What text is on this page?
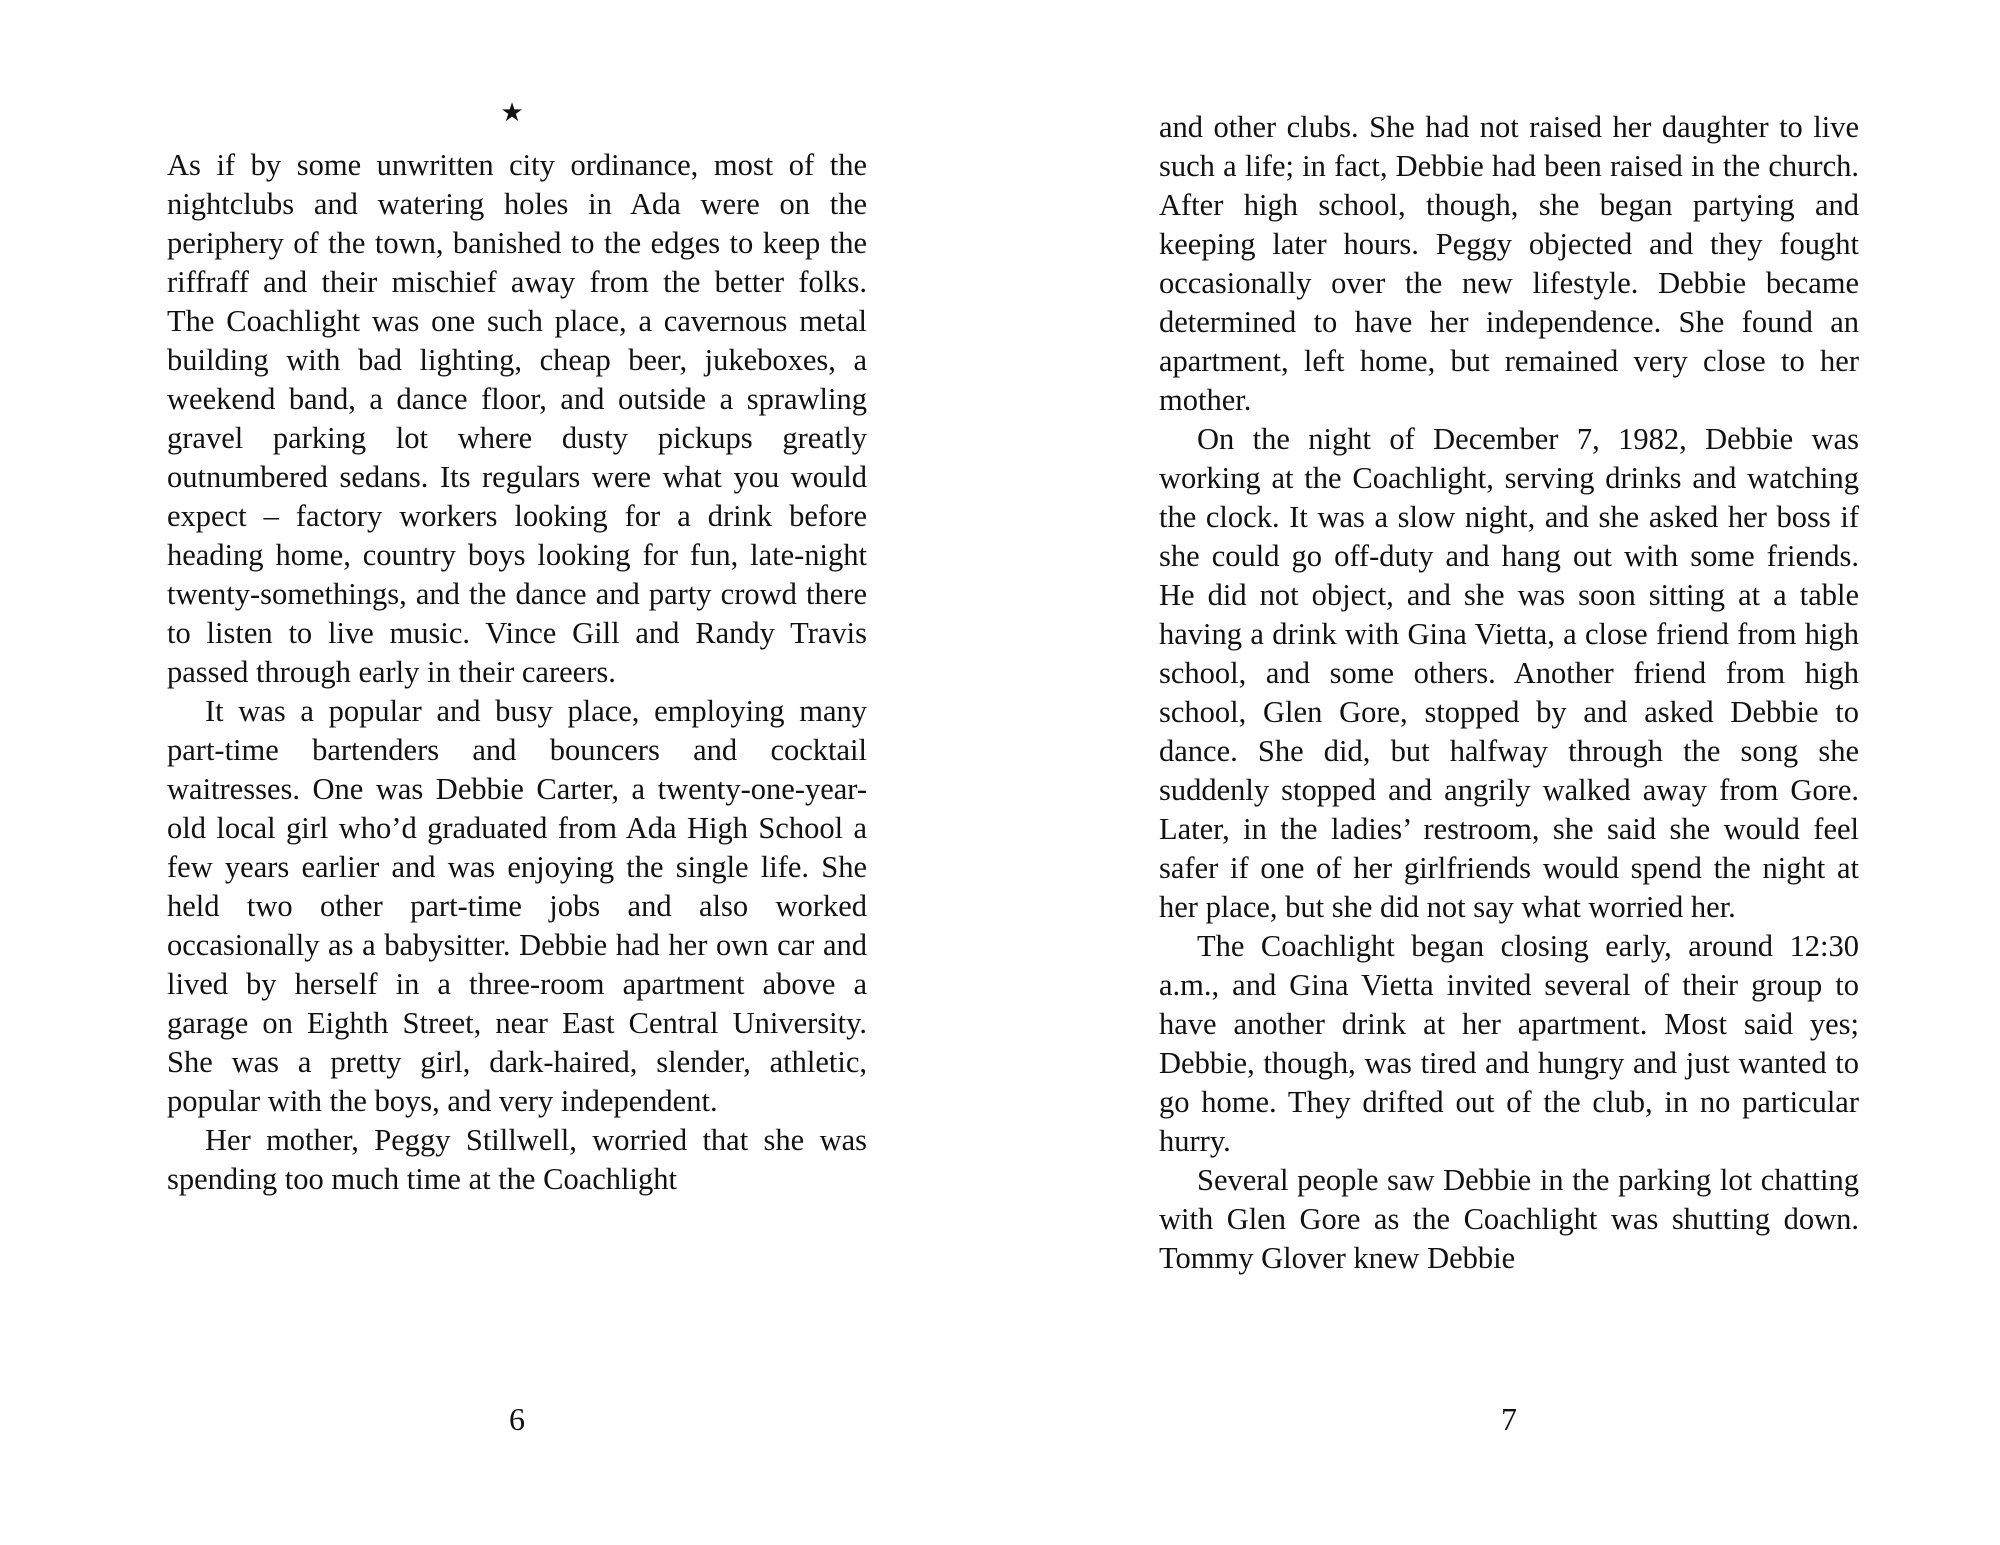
★

As if by some unwritten city ordinance, most of the nightclubs and watering holes in Ada were on the periphery of the town, banished to the edges to keep the riffraff and their mischief away from the better folks. The Coachlight was one such place, a cavernous metal building with bad lighting, cheap beer, jukeboxes, a weekend band, a dance floor, and outside a sprawling gravel parking lot where dusty pickups greatly outnumbered sedans. Its regulars were what you would expect – factory workers looking for a drink before heading home, country boys looking for fun, late-night twenty-somethings, and the dance and party crowd there to listen to live music. Vince Gill and Randy Travis passed through early in their careers.

It was a popular and busy place, employing many part-time bartenders and bouncers and cocktail waitresses. One was Debbie Carter, a twenty-one-year-old local girl who’d graduated from Ada High School a few years earlier and was enjoying the single life. She held two other part-time jobs and also worked occasionally as a babysitter. Debbie had her own car and lived by herself in a three-room apartment above a garage on Eighth Street, near East Central University. She was a pretty girl, dark-haired, slender, athletic, popular with the boys, and very independent.

Her mother, Peggy Stillwell, worried that she was spending too much time at the Coachlight

6

and other clubs. She had not raised her daughter to live such a life; in fact, Debbie had been raised in the church. After high school, though, she began partying and keeping later hours. Peggy objected and they fought occasionally over the new lifestyle. Debbie became determined to have her independence. She found an apartment, left home, but remained very close to her mother.

On the night of December 7, 1982, Debbie was working at the Coachlight, serving drinks and watching the clock. It was a slow night, and she asked her boss if she could go off-duty and hang out with some friends. He did not object, and she was soon sitting at a table having a drink with Gina Vietta, a close friend from high school, and some others. Another friend from high school, Glen Gore, stopped by and asked Debbie to dance. She did, but halfway through the song she suddenly stopped and angrily walked away from Gore. Later, in the ladies’ restroom, she said she would feel safer if one of her girlfriends would spend the night at her place, but she did not say what worried her.

The Coachlight began closing early, around 12:30 a.m., and Gina Vietta invited several of their group to have another drink at her apartment. Most said yes; Debbie, though, was tired and hungry and just wanted to go home. They drifted out of the club, in no particular hurry.

Several people saw Debbie in the parking lot chatting with Glen Gore as the Coachlight was shutting down. Tommy Glover knew Debbie

7
